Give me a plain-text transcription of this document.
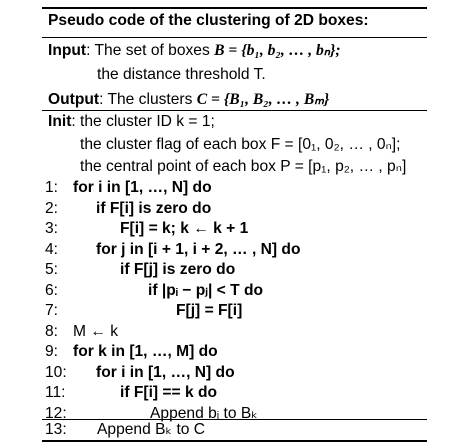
Pseudo code of the clustering of 2D boxes:
Input: The set of boxes B = {b₁, b₂, … , bₙ};
the distance threshold T.
Output: The clusters C = {B₁, B₂, … , Bₘ}
Init: the cluster ID k = 1;
the cluster flag of each box F = [0₁, 0₂, … , 0ₙ];
the central point of each box P = [p₁, p₂, … , pₙ]
1: for i in [1, …, N] do
2: if F[i] is zero do
3:	F[i] = k; k ← k + 1
4: for j in [i + 1, i + 2, … , N] do
5:	if F[j] is zero do
6:	if |pᵢ − pⱼ| < T do
7:	F[j] = F[i]
8: M ← k
9: for k in [1, …, M] do
10: for i in [1, …, N] do
11:	if F[i] == k do
12:	Append bᵢ to Bₖ
13: Append Bₖ to C
